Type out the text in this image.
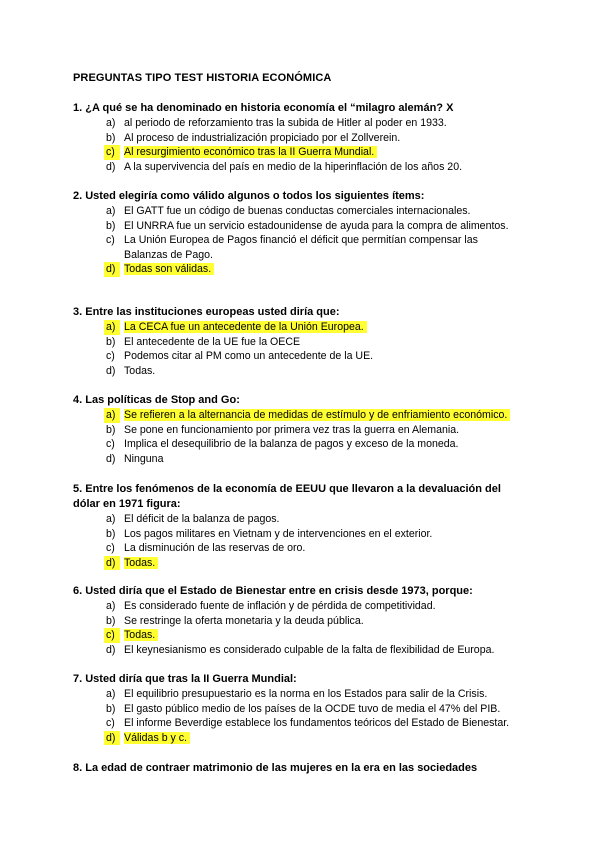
PREGUNTAS TIPO TEST HISTORIA ECONÓMICA
1. ¿A qué se ha denominado en historia economía el “milagro alemán? X
a) al periodo de reforzamiento tras la subida de Hitler al poder en 1933.
b) Al proceso de industrialización propiciado por el Zollverein.
c) Al resurgimiento económico tras la II Guerra Mundial.
d) A la supervivencia del país en medio de la hiperinflación de los años 20.
2. Usted elegiría como válido algunos o todos los siguientes ítems:
a) El GATT fue un código de buenas conductas comerciales internacionales.
b) El UNRRA fue un servicio estadounidense de ayuda para la compra de alimentos.
c) La Unión Europea de Pagos financió el déficit que permitían compensar las Balanzas de Pago.
d) Todas son válidas.
3. Entre las instituciones europeas usted diría que:
a) La CECA fue un antecedente de la Unión Europea.
b) El antecedente de la UE fue la OECE
c) Podemos citar al PM como un antecedente de la UE.
d) Todas.
4. Las políticas de Stop and Go:
a) Se refieren a la alternancia de medidas de estímulo y de enfriamiento económico.
b) Se pone en funcionamiento por primera vez tras la guerra en Alemania.
c) Implica el desequilibrio de la balanza de pagos y exceso de la moneda.
d) Ninguna
5. Entre los fenómenos de la economía de EEUU que llevaron a la devaluación del dólar en 1971 figura:
a) El déficit de la balanza de pagos.
b) Los pagos militares en Vietnam y de intervenciones en el exterior.
c) La disminución de las reservas de oro.
d) Todas.
6. Usted diría que el Estado de Bienestar entre en crisis desde 1973, porque:
a) Es considerado fuente de inflación y de pérdida de competitividad.
b) Se restringe la oferta monetaria y la deuda pública.
c) Todas.
d) El keynesianismo es considerado culpable de la falta de flexibilidad de Europa.
7. Usted diría que tras la II Guerra Mundial:
a) El equilibrio presupuestario es la norma en los Estados para salir de la Crisis.
b) El gasto público medio de los países de la OCDE tuvo de media el 47% del PIB.
c) El informe Beverdige establece los fundamentos teóricos del Estado de Bienestar.
d) Válidas b y c.
8. La edad de contraer matrimonio de las mujeres en la era en las sociedades
